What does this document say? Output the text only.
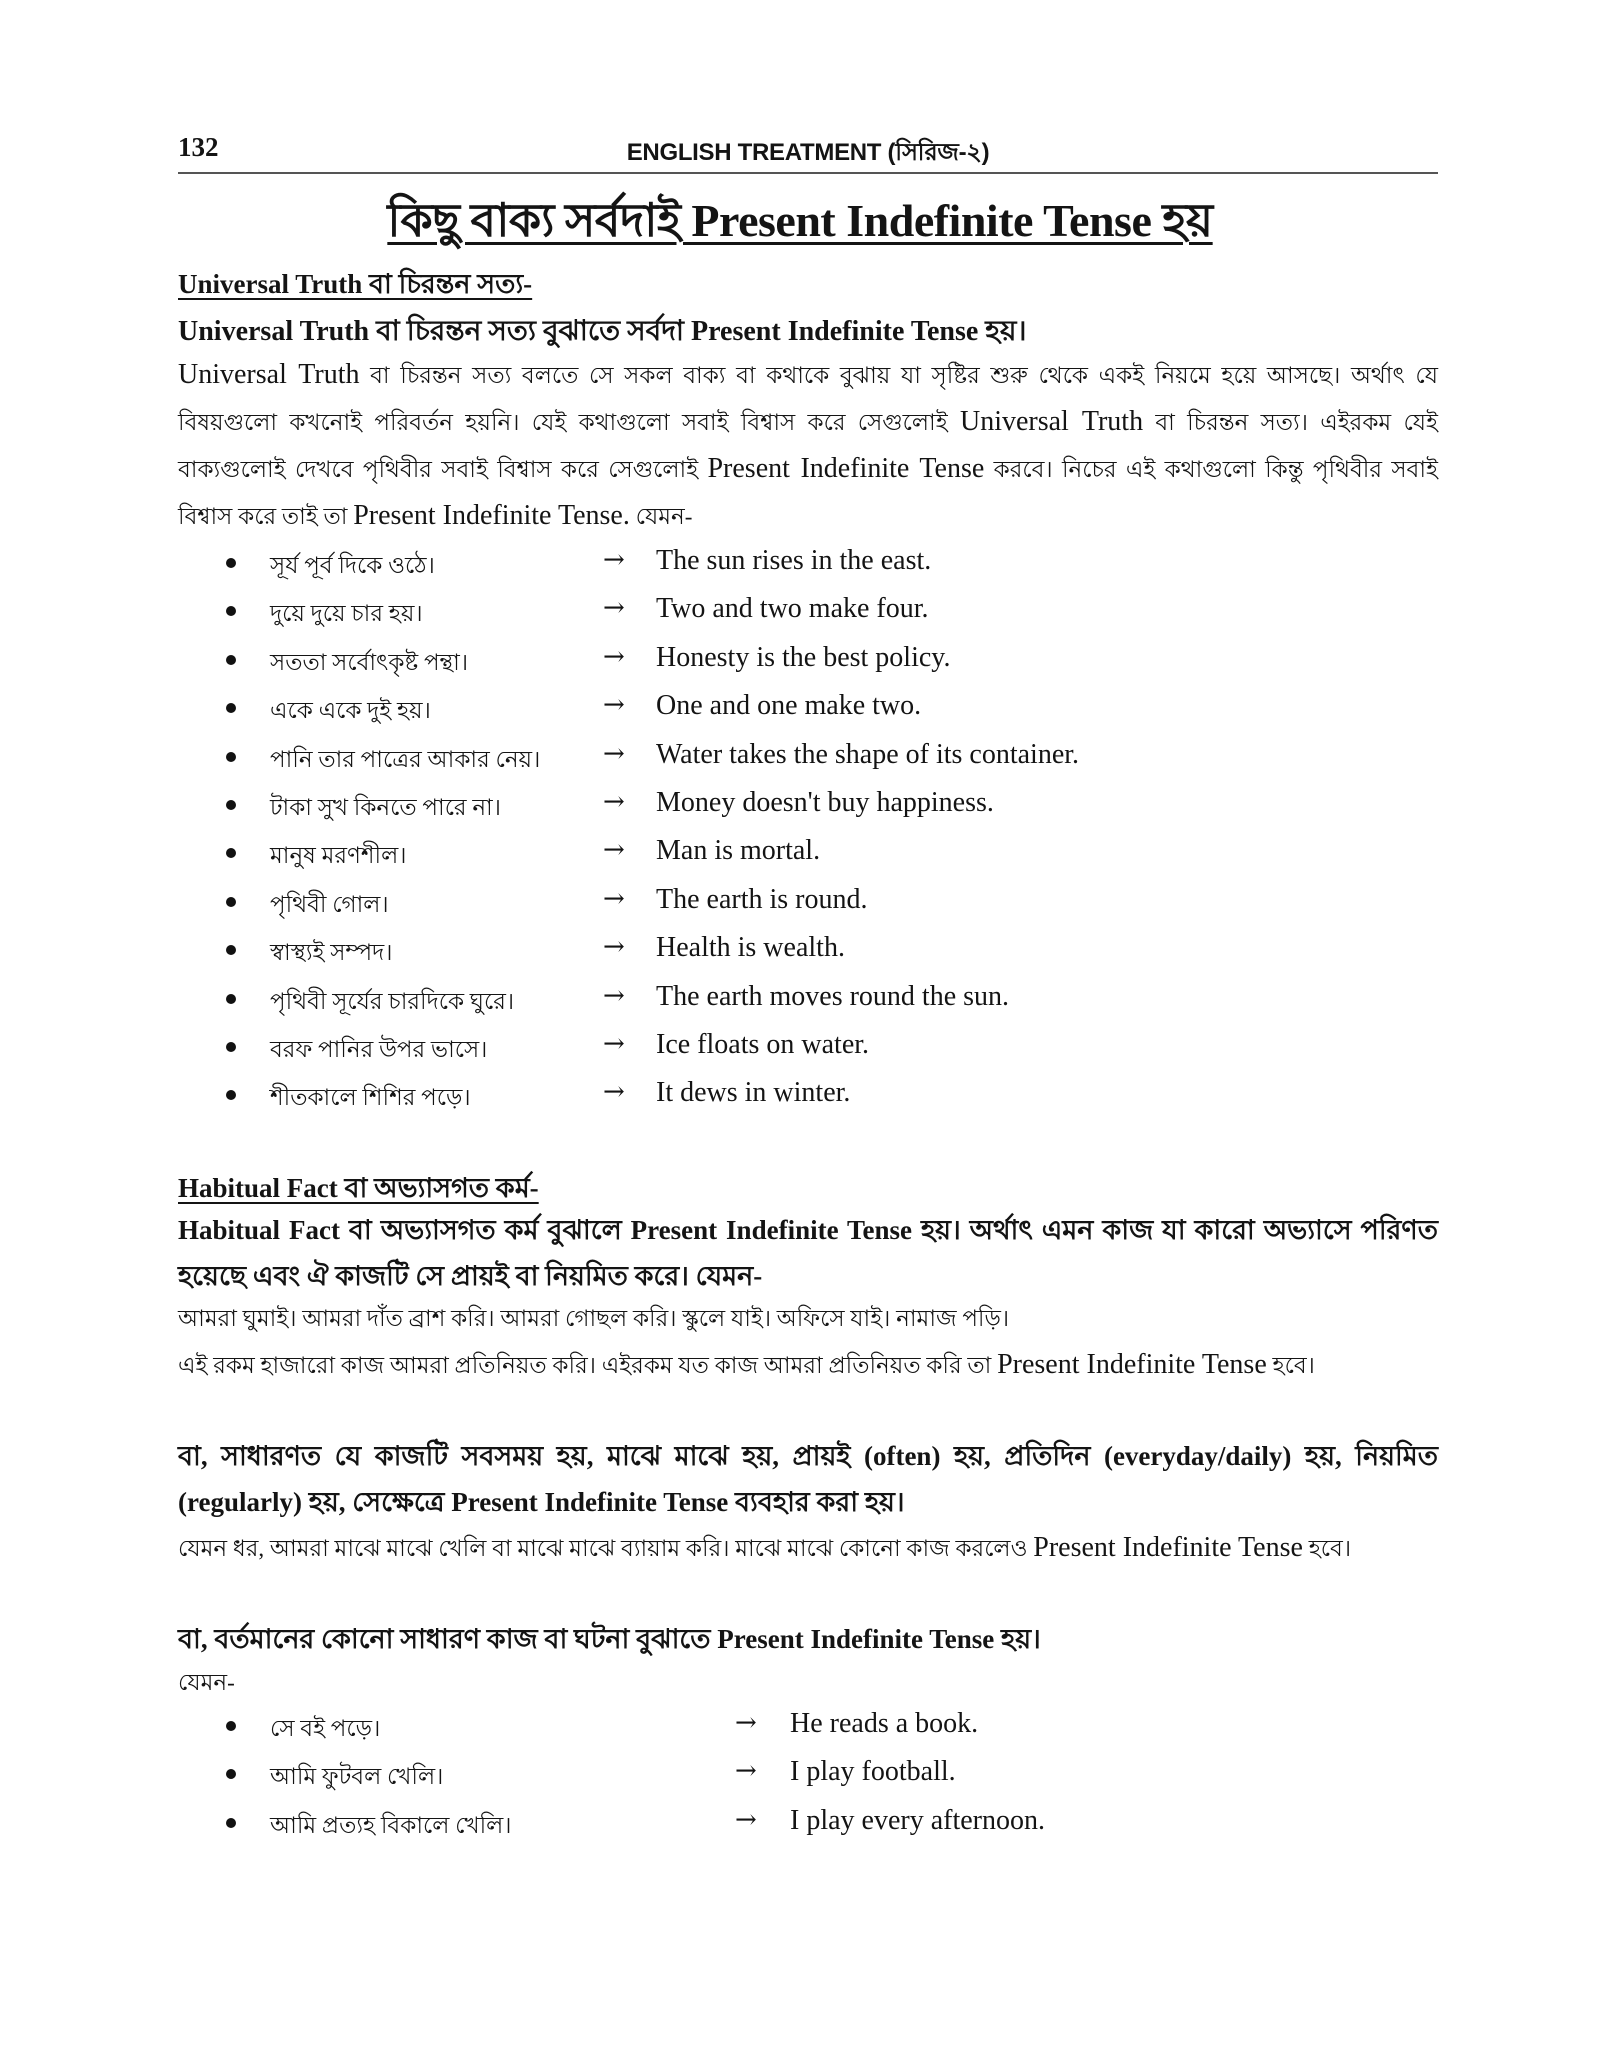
132	ENGLISH TREATMENT (সিরিজ-২)
কিছু বাক্য সর্বদাই Present Indefinite Tense হয়
Universal Truth বা চিরন্তন সত্য-
Universal Truth বা চিরন্তন সত্য বুঝাতে সর্বদা Present Indefinite Tense হয়।
Universal Truth বা চিরন্তন সত্য বলতে সে সকল বাক্য বা কথাকে বুঝায় যা সৃষ্টির শুরু থেকে একই নিয়মে হয়ে আসছে। অর্থাৎ যে বিষয়গুলো কখনোই পরিবর্তন হয়নি। যেই কথাগুলো সবাই বিশ্বাস করে সেগুলোই Universal Truth বা চিরন্তন সত্য। এইরকম যেই বাক্যগুলোই দেখবে পৃথিবীর সবাই বিশ্বাস করে সেগুলোই Present Indefinite Tense করবে। নিচের এই কথাগুলো কিন্তু পৃথিবীর সবাই বিশ্বাস করে তাই তা Present Indefinite Tense. যেমন-
সূর্য পূর্ব দিকে ওঠে।	→ The sun rises in the east.
দুয়ে দুয়ে চার হয়।	→ Two and two make four.
সততা সর্বোৎকৃষ্ট পন্থা।	→ Honesty is the best policy.
একে একে দুই হয়।	→ One and one make two.
পানি তার পাত্রের আকার নেয়। → Water takes the shape of its container.
টাকা সুখ কিনতে পারে না।	→ Money doesn't buy happiness.
মানুষ মরণশীল।	→ Man is mortal.
পৃথিবী গোল।	→ The earth is round.
স্বাস্থ্যই সম্পদ।	→ Health is wealth.
পৃথিবী সূর্যের চারদিকে ঘুরে।	→ The earth moves round the sun.
বরফ পানির উপর ভাসে।	→ Ice floats on water.
শীতকালে শিশির পড়ে।	→ It dews in winter.
Habitual Fact বা অভ্যাসগত কর্ম-
Habitual Fact বা অভ্যাসগত কর্ম বুঝালে Present Indefinite Tense হয়। অর্থাৎ এমন কাজ যা কারো অভ্যাসে পরিণত হয়েছে এবং ঐ কাজটি সে প্রায়ই বা নিয়মিত করে। যেমন-
আমরা ঘুমাই। আমরা দাঁত ব্রাশ করি। আমরা গোছল করি। স্কুলে যাই। অফিসে যাই। নামাজ পড়ি।
এই রকম হাজারো কাজ আমরা প্রতিনিয়ত করি। এইরকম যত কাজ আমরা প্রতিনিয়ত করি তা Present Indefinite Tense হবে।
বা, সাধারণত যে কাজটি সবসময় হয়, মাঝে মাঝে হয়, প্রায়ই (often) হয়, প্রতিদিন (everyday/daily) হয়, নিয়মিত (regularly) হয়, সেক্ষেত্রে Present Indefinite Tense ব্যবহার করা হয়।
যেমন ধর, আমরা মাঝে মাঝে খেলি বা মাঝে মাঝে ব্যায়াম করি। মাঝে মাঝে কোনো কাজ করলেও Present Indefinite Tense হবে।
বা, বর্তমানের কোনো সাধারণ কাজ বা ঘটনা বুঝাতে Present Indefinite Tense হয়।
যেমন-
সে বই পড়ে।	→ He reads a book.
আমি ফুটবল খেলি।	→ I play football.
আমি প্রত্যহ বিকালে খেলি।	→ I play every afternoon.
